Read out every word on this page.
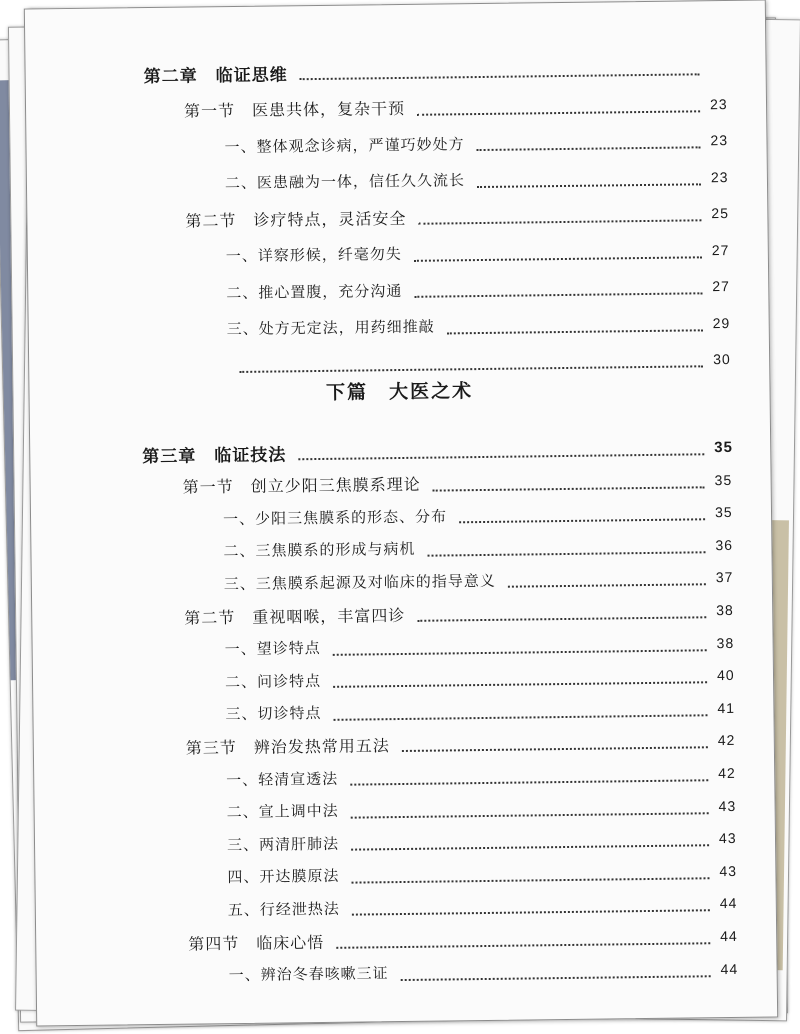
下篇　大医之术
第二章　临证思维
第一节　医患共体，复杂干预	23
一、整体观念诊病，严谨巧妙处方	23
二、医患融为一体，信任久久流长	23
第二节　诊疗特点，灵活安全	25
一、详察形候，纤毫勿失	27
二、推心置腹，充分沟通	27
三、处方无定法，用药细推敲	29
30
第三章　临证技法	35
第一节　创立少阳三焦膜系理论	35
一、少阳三焦膜系的形态、分布	35
二、三焦膜系的形成与病机	36
三、三焦膜系起源及对临床的指导意义	37
第二节　重视咽喉，丰富四诊	38
一、望诊特点	38
二、问诊特点	40
三、切诊特点	41
第三节　辨治发热常用五法	42
一、轻清宣透法	42
二、宣上调中法	43
三、两清肝肺法	43
四、开达膜原法	43
五、行经泄热法	44
第四节　临床心悟	44
一、辨治冬春咳嗽三证	44
